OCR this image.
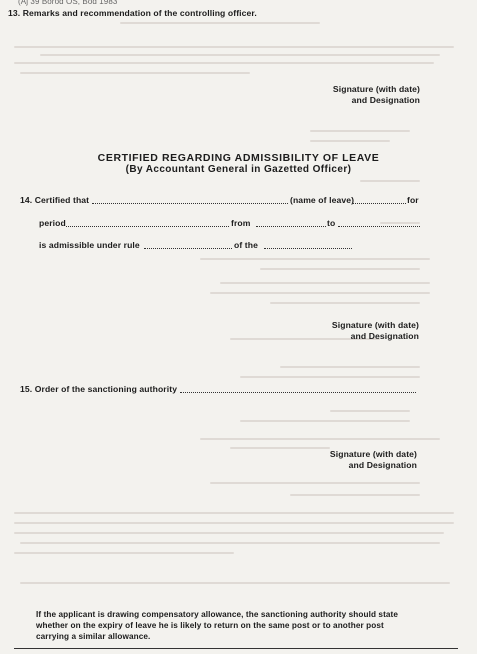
(Aj 39 Borod OS, Bod 1983
13. Remarks and recommendation of the controlling officer.
Signature (with date)
and Designation
CERTIFIED REGARDING ADMISSIBILITY OF LEAVE
(By Accountant General in Gazetted Officer)
14. Certified that	(name of leave)	for
period	from	to
is admissible under rule	of the
Signature (with date)
and Designation
15. Order of the sanctioning authority
Signature (with date)
and Designation
If the applicant is drawing compensatory allowance, the sanctioning authority should state
whether on the expiry of leave he is likely to return on the same post or to another post
carrying a similar allowance.
